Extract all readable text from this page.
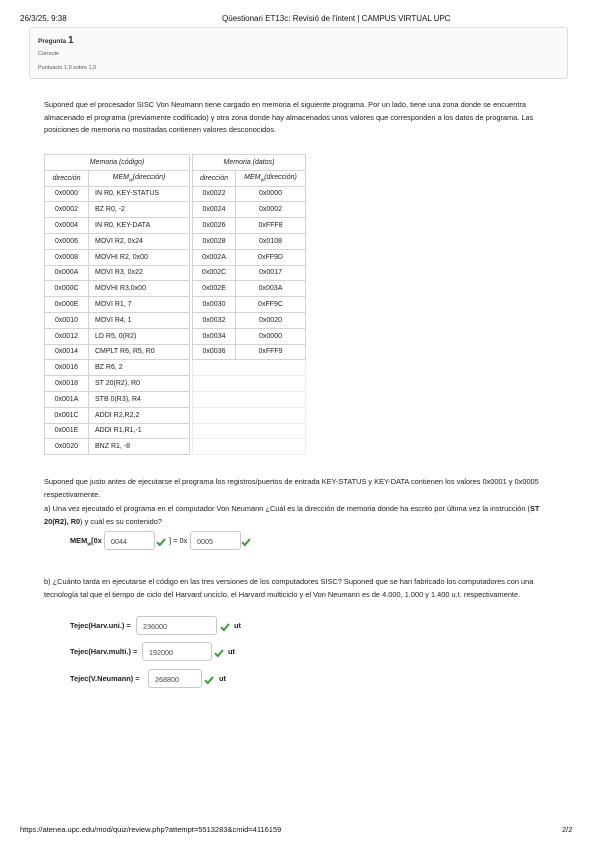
26/3/25, 9:38	Qüestionari ET13c: Revisió de l'intent | CAMPUS VIRTUAL UPC
Pregunta 1
Correcte
Puntuació 1,0 sobre 1,0
Suponed que el procesador SISC Von Neumann tiene cargado en memoria el siguiente programa. Por un lado, tiene una zona donde se encuentra almacenado el programa (previamente codificado) y otra zona donde hay almacenados unos valores que corresponden a los datos de programa. Las posiciones de memoria no mostradas contienen valores desconocidos.
Memoria (código)	
dirección	$MEM_w(dirección)$
0x0000	IN R0, KEY-STATUS
0x0002	BZ R0, -2
0x0004	IN R0, KEY-DATA
0x0006	MOVI R2, 0x24
0x0008	MOVHI R2, 0x00
0x000A	MOVI R3, 0x22
0x000C	MOVHI R3,0x00
0x000E	MOVI R1, 7
0x0010	MOVI R4, 1
0x0012	LD R5, 0(R2)
0x0014	CMPLT R6, R5, R0
0x0016	BZ R6, 2
0x0018	ST 20(R2), R0
0x001A	STB 0(R3), R4
0x001C	ADDI R2,R2,2
0x001E	ADDI R1,R1,-1
0x0020	BNZ R1, -8
Memoria (datos)	
dirección	$MEM_w(dirección)$
0x0022	0x0000
0x0024	0x0002
0x0026	0xFFF8
0x0028	0x0108
0x002A	0xFF9D
0x002C	0x0017
0x002E	0x003A
0x0030	0xFF9C
0x0032	0x0020
0x0034	0x0000
0x0036	0xFFF9

Suponed que justo antes de ejecutarse el programa los registros/puertos de entrada KEY-STATUS y KEY-DATA contienen los valores 0x0001 y 0x0005 respectivamente.
a) Una vez ejecutado el programa en el computador Von Neumann ¿Cuál es la dirección de memoria donde ha escrito por última vez la instrucción (ST 20(R2), R0) y cuál es su contenido?
$MEM_w[0x$	0044	] = 0x	0005
b) ¿Cuánto tarda en ejecutarse el código en las tres versiones de los computadores SISC? Suponed que se han fabricado los computadores con una tecnología tal que el tiempo de ciclo del Harvard unciclo, el Harvard multiciclo y el Von Neumann es de 4.000, 1.000 y 1.400 u.t. respectivamente.
Tejec(Harv.uni.) =	236000	ut
Tejec(Harv.multi.) =	192000	ut
Tejec(V.Neumann) =	268800	ut
https://atenea.upc.edu/mod/quiz/review.php?attempt=5513283&cmid=4116159	2/2
